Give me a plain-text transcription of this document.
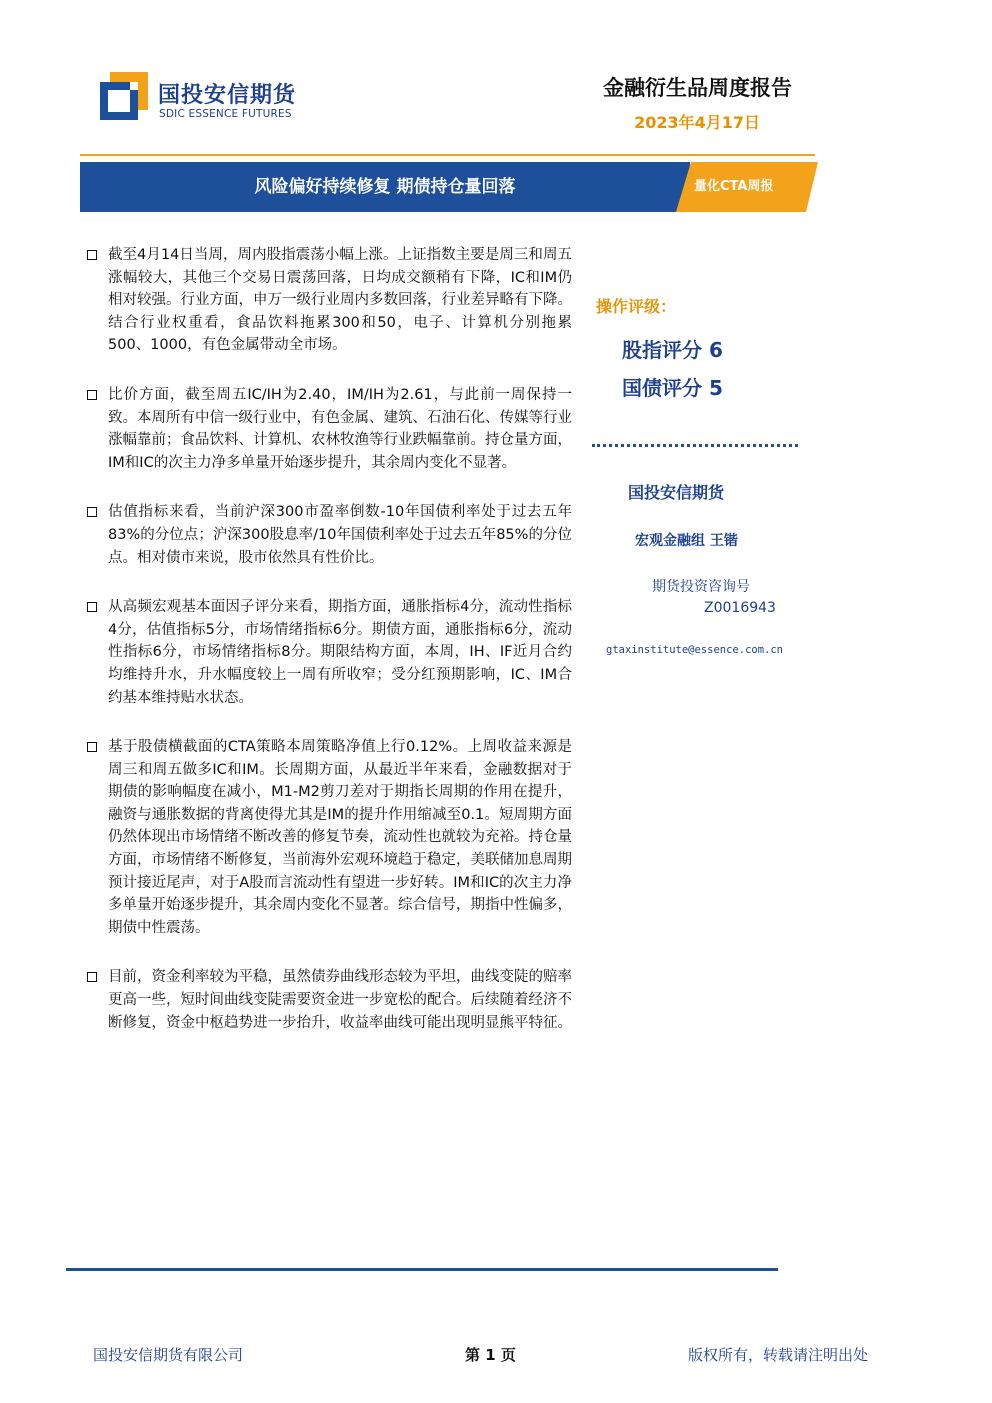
国投安信期货
SDIC ESSENCE FUTURES
金融衍生品周度报告
2023年4月17日
风险偏好持续修复 期债持仓量回落	量化CTA周报
截至4月14日当周，周内股指震荡小幅上涨。上证指数主要是周三和周五涨幅较大，其他三个交易日震荡回落，日均成交额稍有下降，IC和IM仍相对较强。行业方面，申万一级行业周内多数回落，行业差异略有下降。结合行业权重看，食品饮料拖累300和50，电子、计算机分别拖累500、1000，有色金属带动全市场。
比价方面，截至周五IC/IH为2.40，IM/IH为2.61，与此前一周保持一致。本周所有中信一级行业中，有色金属、建筑、石油石化、传媒等行业涨幅靠前；食品饮料、计算机、农林牧渔等行业跌幅靠前。持仓量方面，IM和IC的次主力净多单量开始逐步提升，其余周内变化不显著。
估值指标来看，当前沪深300市盈率倒数-10年国债利率处于过去五年83%的分位点；沪深300股息率/10年国债利率处于过去五年85%的分位点。相对债市来说，股市依然具有性价比。
从高频宏观基本面因子评分来看，期指方面，通胀指标4分，流动性指标4分，估值指标5分，市场情绪指标6分。期债方面，通胀指标6分，流动性指标6分，市场情绪指标8分。期限结构方面，本周，IH、IF近月合约均维持升水，升水幅度较上一周有所收窄；受分红预期影响，IC、IM合约基本维持贴水状态。
基于股债横截面的CTA策略本周策略净值上行0.12%。上周收益来源是周三和周五做多IC和IM。长周期方面，从最近半年来看，金融数据对于期债的影响幅度在减小，M1-M2剪刀差对于期指长周期的作用在提升，融资与通胀数据的背离使得尤其是IM的提升作用缩减至0.1。短周期方面仍然体现出市场情绪不断改善的修复节奏，流动性也就较为充裕。持仓量方面，市场情绪不断修复，当前海外宏观环境趋于稳定，美联储加息周期预计接近尾声，对于A股而言流动性有望进一步好转。IM和IC的次主力净多单量开始逐步提升，其余周内变化不显著。综合信号，期指中性偏多，期债中性震荡。
目前，资金利率较为平稳，虽然债券曲线形态较为平坦，曲线变陡的赔率更高一些，短时间曲线变陡需要资金进一步宽松的配合。后续随着经济不断修复，资金中枢趋势进一步抬升，收益率曲线可能出现明显熊平特征。
操作评级：
股指评分 6
国债评分 5
国投安信期货
宏观金融组 王锴
期货投资咨询号
Z0016943
gtaxinstitute@essence.com.cn
国投安信期货有限公司	第 1 页	版权所有，转载请注明出处
